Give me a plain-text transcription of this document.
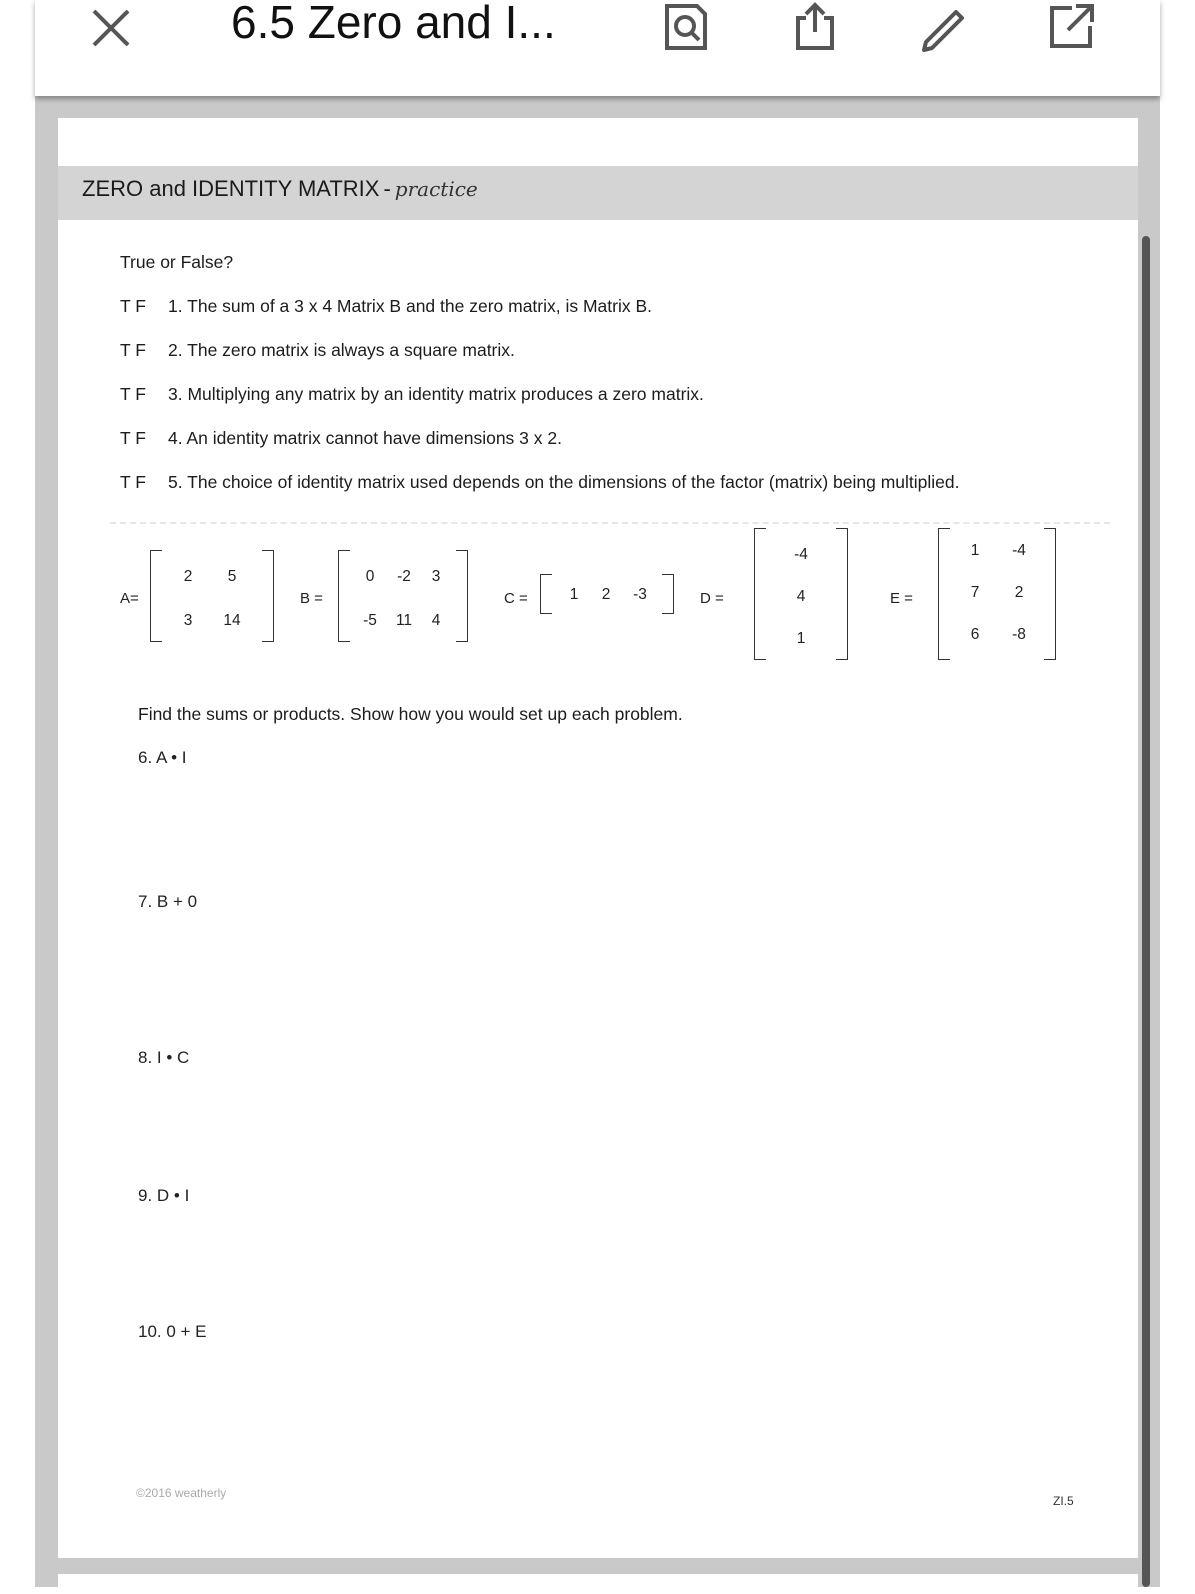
6.5 Zero and I...
ZERO and IDENTITY MATRIX - practice
True or False?
T F 1. The sum of a 3 x 4 Matrix B and the zero matrix, is Matrix B.
T F 2. The zero matrix is always a square matrix.
T F 3. Multiplying any matrix by an identity matrix produces a zero matrix.
T F 4. An identity matrix cannot have dimensions 3 x 2.
T F 5. The choice of identity matrix used depends on the dimensions of the factor (matrix) being multiplied.
A=
2 5
3 14
B =
0 -2 3
-5 11 4
C =	1 2 -3	D =
-4
4
1
E =
1 -4
7 2
6 -8
Find the sums or products. Show how you would set up each problem.
6. A • I
7. B + 0
8. I • C
9. D • I
10. 0 + E
©2016 weatherly
ZI.5
